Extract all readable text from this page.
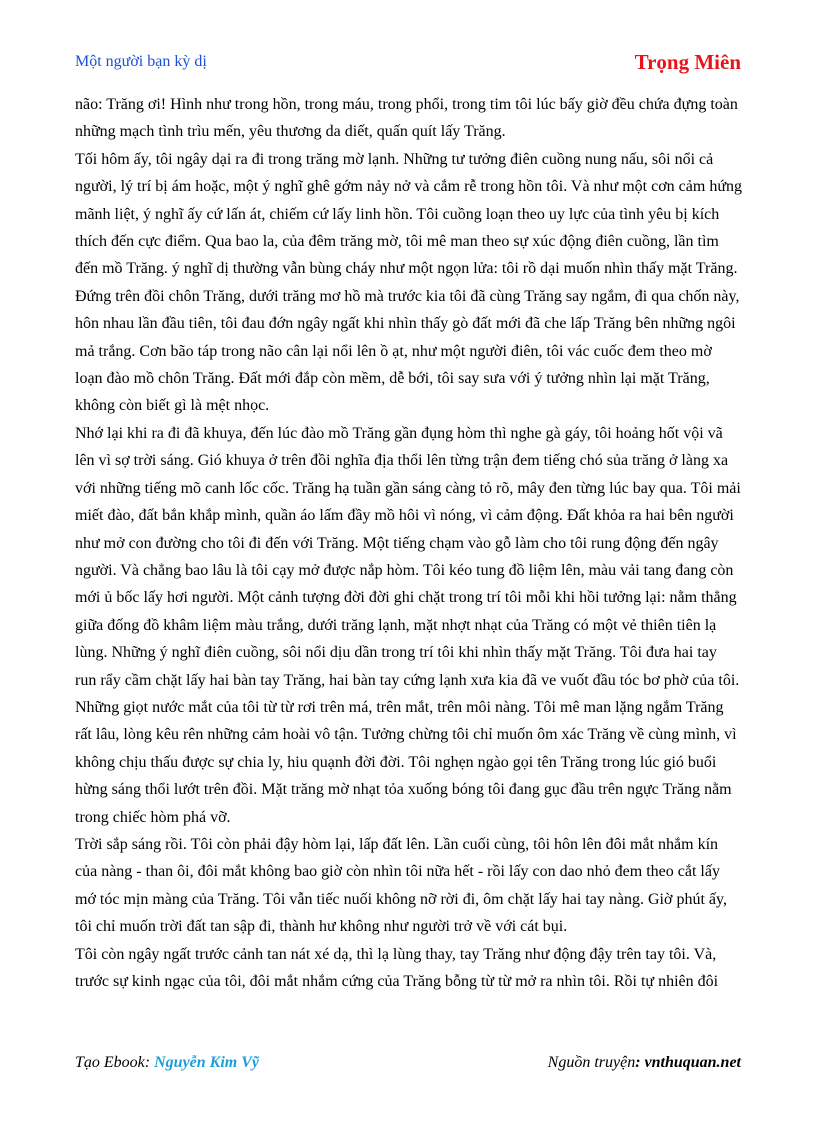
Một người bạn kỳ dị	Trọng Miên

não: Trăng ơi! Hình như trong hồn, trong máu, trong phổi, trong tim tôi lúc bấy giờ đều chứa đựng toàn những mạch tình trìu mến, yêu thương da diết, quấn quít lấy Trăng.

Tối hôm ấy, tôi ngây dại ra đi trong trăng mờ lạnh. Những tư tưởng điên cuồng nung nấu, sôi nổi cả người, lý trí bị ám hoặc, một ý nghĩ ghê gớm nảy nở và cắm rễ trong hồn tôi. Và như một cơn cảm hứng mãnh liệt, ý nghĩ ấy cứ lấn át, chiếm cứ lấy linh hồn. Tôi cuồng loạn theo uy lực của tình yêu bị kích thích đến cực điểm. Qua bao la, của đêm trăng mờ, tôi mê man theo sự xúc động điên cuồng, lần tìm đến mồ Trăng. ý nghĩ dị thường vẫn bùng cháy như một ngọn lửa: tôi rồ dại muốn nhìn thấy mặt Trăng.

Đứng trên đồi chôn Trăng, dưới trăng mơ hồ mà trước kia tôi đã cùng Trăng say ngắm, đi qua chốn này, hôn nhau lần đầu tiên, tôi đau đớn ngây ngất khi nhìn thấy gò đất mới đã che lấp Trăng bên những ngôi mả trắng. Cơn bão táp trong não cân lại nổi lên ồ ạt, như một người điên, tôi vác cuốc đem theo mờ loạn đào mồ chôn Trăng. Đất mới đắp còn mềm, dễ bới, tôi say sưa với ý tưởng nhìn lại mặt Trăng, không còn biết gì là mệt nhọc.

Nhớ lại khi ra đi đã khuya, đến lúc đào mồ Trăng gần đụng hòm thì nghe gà gáy, tôi hoảng hốt vội vã lên vì sợ trời sáng. Gió khuya ở trên đồi nghĩa địa thổi lên từng trận đem tiếng chó sủa trăng ở làng xa với những tiếng mõ canh lốc cốc. Trăng hạ tuần gần sáng càng tỏ rõ, mây đen từng lúc bay qua. Tôi mải miết đào, đất bắn khắp mình, quần áo lấm đầy mồ hôi vì nóng, vì cảm động. Đất khỏa ra hai bên người như mở con đường cho tôi đi đến với Trăng. Một tiếng chạm vào gỗ làm cho tôi rung động đến ngây người. Và chẳng bao lâu là tôi cạy mở được nắp hòm. Tôi kéo tung đồ liệm lên, màu vải tang đang còn mới ủ bốc lấy hơi người. Một cảnh tượng đời đời ghi chặt trong trí tôi mỗi khi hồi tưởng lại: nằm thẳng giữa đống đồ khâm liệm màu trắng, dưới trăng lạnh, mặt nhợt nhạt của Trăng có một vẻ thiên tiên lạ lùng. Những ý nghĩ điên cuồng, sôi nổi dịu dần trong trí tôi khi nhìn thấy mặt Trăng. Tôi đưa hai tay run rẩy cầm chặt lấy hai bàn tay Trăng, hai bàn tay cứng lạnh xưa kia đã ve vuốt đầu tóc bơ phờ của tôi. Những giọt nước mắt của tôi từ từ rơi trên má, trên mắt, trên môi nàng. Tôi mê man lặng ngắm Trăng rất lâu, lòng kêu rên những cảm hoài vô tận. Tưởng chừng tôi chỉ muốn ôm xác Trăng về cùng mình, vì không chịu thấu được sự chia ly, hiu quạnh đời đời. Tôi nghẹn ngào gọi tên Trăng trong lúc gió buổi hừng sáng thổi lướt trên đồi. Mặt trăng mờ nhạt tỏa xuống bóng tôi đang gục đầu trên ngực Trăng nằm trong chiếc hòm phá vỡ.

Trời sắp sáng rồi. Tôi còn phải đậy hòm lại, lấp đất lên. Lần cuối cùng, tôi hôn lên đôi mắt nhắm kín của nàng - than ôi, đôi mắt không bao giờ còn nhìn tôi nữa hết - rồi lấy con dao nhỏ đem theo cắt lấy mớ tóc mịn màng của Trăng. Tôi vẫn tiếc nuối không nỡ rời đi, ôm chặt lấy hai tay nàng. Giờ phút ấy, tôi chỉ muốn trời đất tan sập đi, thành hư không như người trở về với cát bụi.

Tôi còn ngây ngất trước cảnh tan nát xé dạ, thì lạ lùng thay, tay Trăng như động đậy trên tay tôi. Và, trước sự kinh ngạc của tôi, đôi mắt nhắm cứng của Trăng bỗng từ từ mở ra nhìn tôi. Rồi tự nhiên đôi

Tạo Ebook: Nguyễn Kim Vỹ	Nguồn truyện: vnthuquan.net
